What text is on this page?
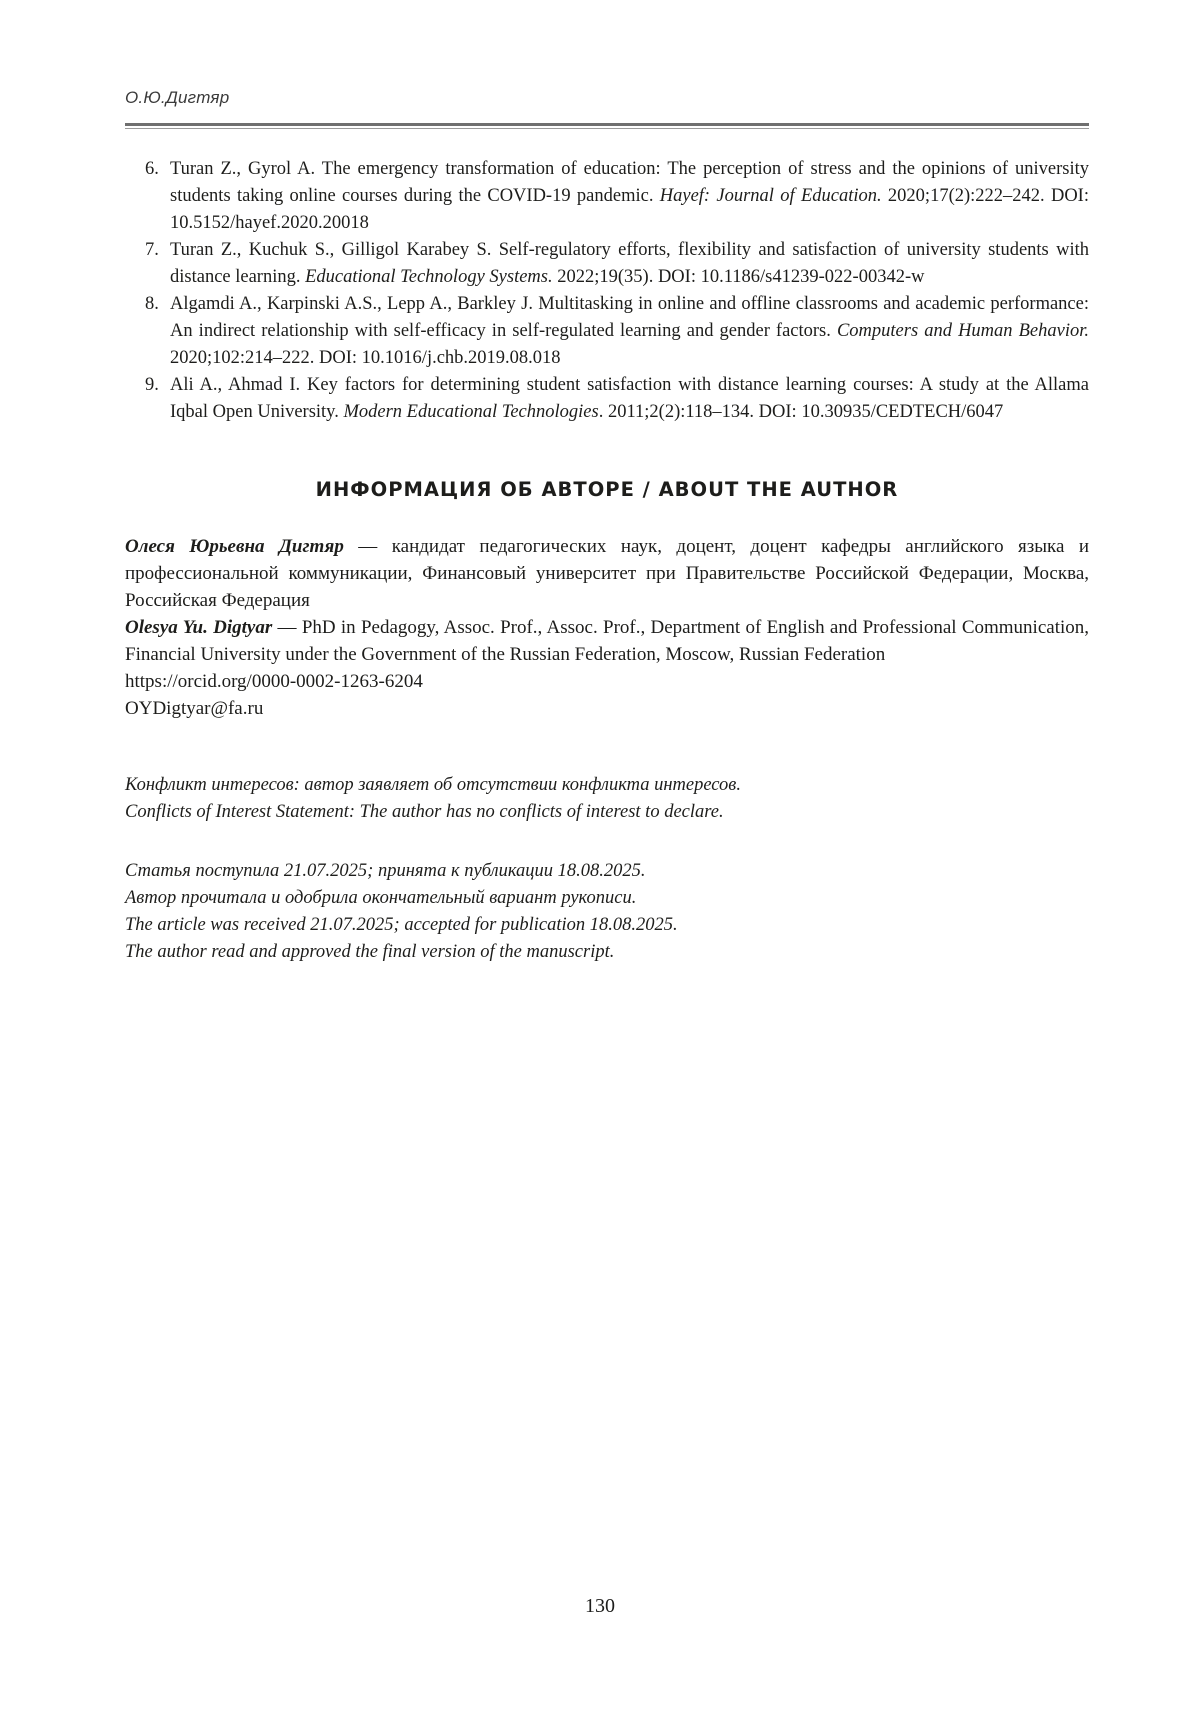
О.Ю.Дигтяр
6. Turan Z., Gyrol A. The emergency transformation of education: The perception of stress and the opinions of university students taking online courses during the COVID-19 pandemic. Hayef: Journal of Education. 2020;17(2):222–242. DOI: 10.5152/hayef.2020.20018
7. Turan Z., Kuchuk S., Gilligol Karabey S. Self-regulatory efforts, flexibility and satisfaction of university students with distance learning. Educational Technology Systems. 2022;19(35). DOI: 10.1186/s41239-022-00342-w
8. Algamdi A., Karpinski A.S., Lepp A., Barkley J. Multitasking in online and offline classrooms and academic performance: An indirect relationship with self-efficacy in self-regulated learning and gender factors. Computers and Human Behavior. 2020;102:214–222. DOI: 10.1016/j.chb.2019.08.018
9. Ali A., Ahmad I. Key factors for determining student satisfaction with distance learning courses: A study at the Allama Iqbal Open University. Modern Educational Technologies. 2011;2(2):118–134. DOI: 10.30935/CEDTECH/6047
ИНФОРМАЦИЯ ОБ АВТОРЕ / ABOUT THE AUTHOR

Олеся Юрьевна Дигтяр — кандидат педагогических наук, доцент, доцент кафедры английского языка и профессиональной коммуникации, Финансовый университет при Правительстве Российской Федерации, Москва, Российская Федерация

Olesya Yu. Digtyar — PhD in Pedagogy, Assoc. Prof., Assoc. Prof., Department of English and Professional Communication, Financial University under the Government of the Russian Federation, Moscow, Russian Federation

https://orcid.org/0000-0002-1263-6204

OYDigtyar@fa.ru

Конфликт интересов: автор заявляет об отсутствии конфликта интересов.

Conflicts of Interest Statement: The author has no conflicts of interest to declare.

Статья поступила 21.07.2025; принята к публикации 18.08.2025.

Автор прочитала и одобрила окончательный вариант рукописи.

The article was received 21.07.2025; accepted for publication 18.08.2025.

The author read and approved the final version of the manuscript.

130
